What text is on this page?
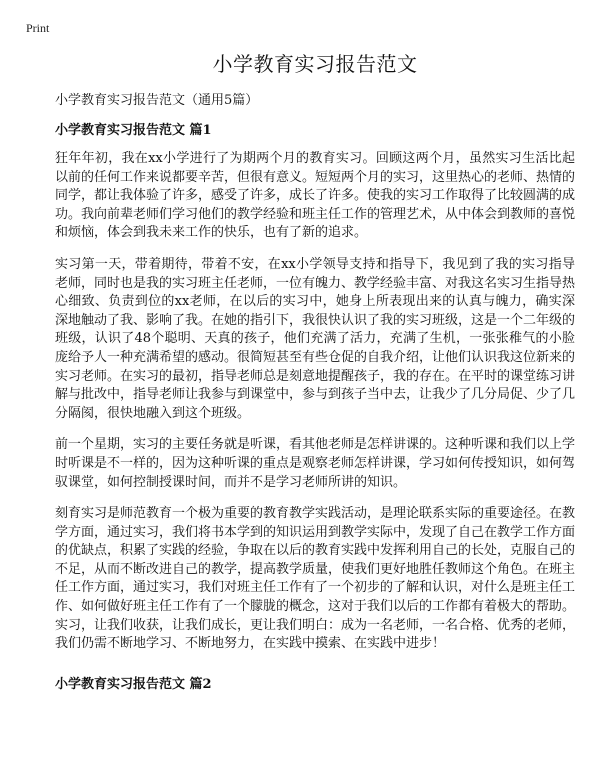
Print
小学教育实习报告范文

小学教育实习报告范文（通用5篇）

小学教育实习报告范文 篇1

狂年年初，我在xx小学进行了为期两个月的教育实习。回顾这两个月，虽然实习生活比起以前的任何工作来说都要辛苦，但很有意义。短短两个月的实习，这里热心的老师、热情的同学，都让我体验了许多，感受了许多，成长了许多。使我的实习工作取得了比较圆满的成功。我向前辈老师们学习他们的教学经验和班主任工作的管理艺术，从中体会到教师的喜悦和烦恼，体会到我未来工作的快乐，也有了新的追求。

实习第一天，带着期待，带着不安，在xx小学领导支持和指导下，我见到了我的实习指导老师，同时也是我的实习班主任老师，一位有魄力、教学经验丰富、对我这名实习生指导热心细致、负责到位的xx老师，在以后的实习中，她身上所表现出来的认真与魄力，确实深深地触动了我、影响了我。在她的指引下，我很快认识了我的实习班级，这是一个二年级的班级，认识了48个聪明、天真的孩子，他们充满了活力，充满了生机，一张张稚气的小脸庞给予人一种充满希望的感动。很简短甚至有些仓促的自我介绍，让他们认识我这位新来的实习老师。在实习的最初，指导老师总是刻意地提醒孩子，我的存在。在平时的课堂练习讲解与批改中，指导老师让我参与到课堂中，参与到孩子当中去，让我少了几分局促、少了几分隔阂，很快地融入到这个班级。

前一个星期，实习的主要任务就是听课，看其他老师是怎样讲课的。这种听课和我们以上学时听课是不一样的，因为这种听课的重点是观察老师怎样讲课，学习如何传授知识，如何驾驭课堂，如何控制授课时间，而并不是学习老师所讲的知识。

刻育实习是师范教育一个极为重要的教育教学实践活动，是理论联系实际的重要途径。在教学方面，通过实习，我们将书本学到的知识运用到教学实际中，发现了自己在教学工作方面的优缺点，积累了实践的经验，争取在以后的教育实践中发挥利用自己的长处，克服自己的不足，从而不断改进自己的教学，提高教学质量，使我们更好地胜任教师这个角色。在班主任工作方面，通过实习，我们对班主任工作有了一个初步的了解和认识，对什么是班主任工作、如何做好班主任工作有了一个朦胧的概念，这对于我们以后的工作都有着极大的帮助。实习，让我们收获，让我们成长，更让我们明白：成为一名老师，一名合格、优秀的老师，我们仍需不断地学习、不断地努力，在实践中摸索、在实践中进步！

小学教育实习报告范文 篇2
